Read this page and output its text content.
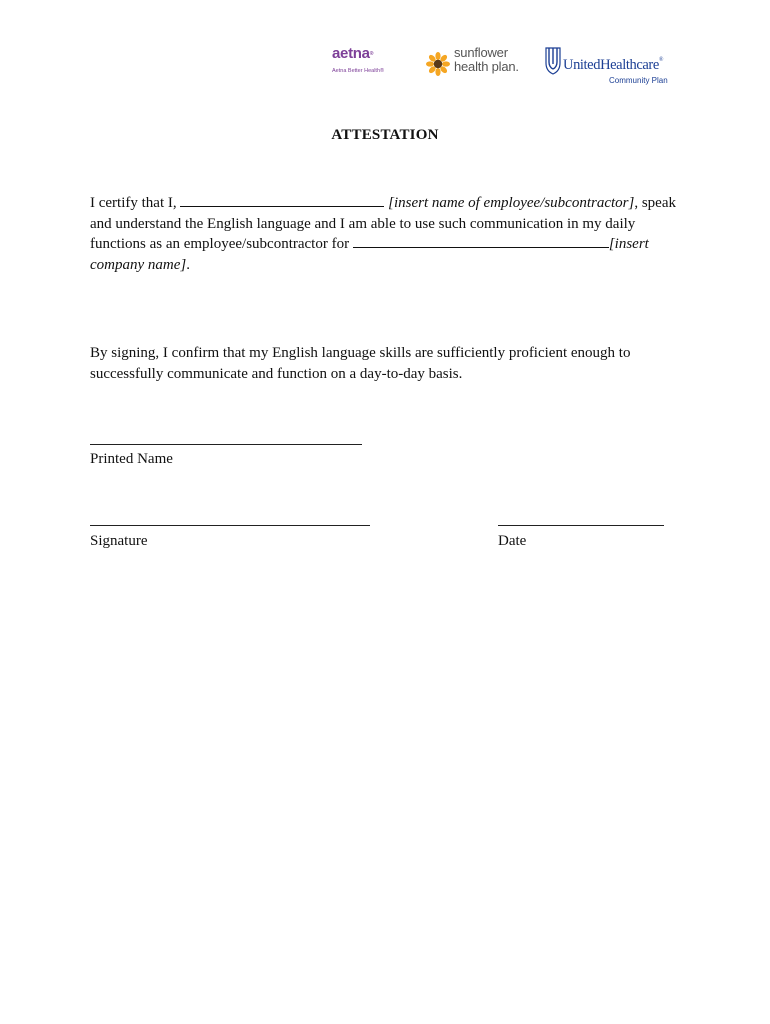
aetna®
Aetna Better Health®
sunflower
health plan.	UnitedHealthcare®
Community Plan
ATTESTATION
I certify that I,	[insert name of employee/subcontractor], speak
and understand the English language and I am able to use such communication in my daily
functions as an employee/subcontractor for	[insert
company name].
By signing, I confirm that my English language skills are sufficiently proficient enough to
successfully communicate and function on a day-to-day basis.

Printed Name

Signature	Date
